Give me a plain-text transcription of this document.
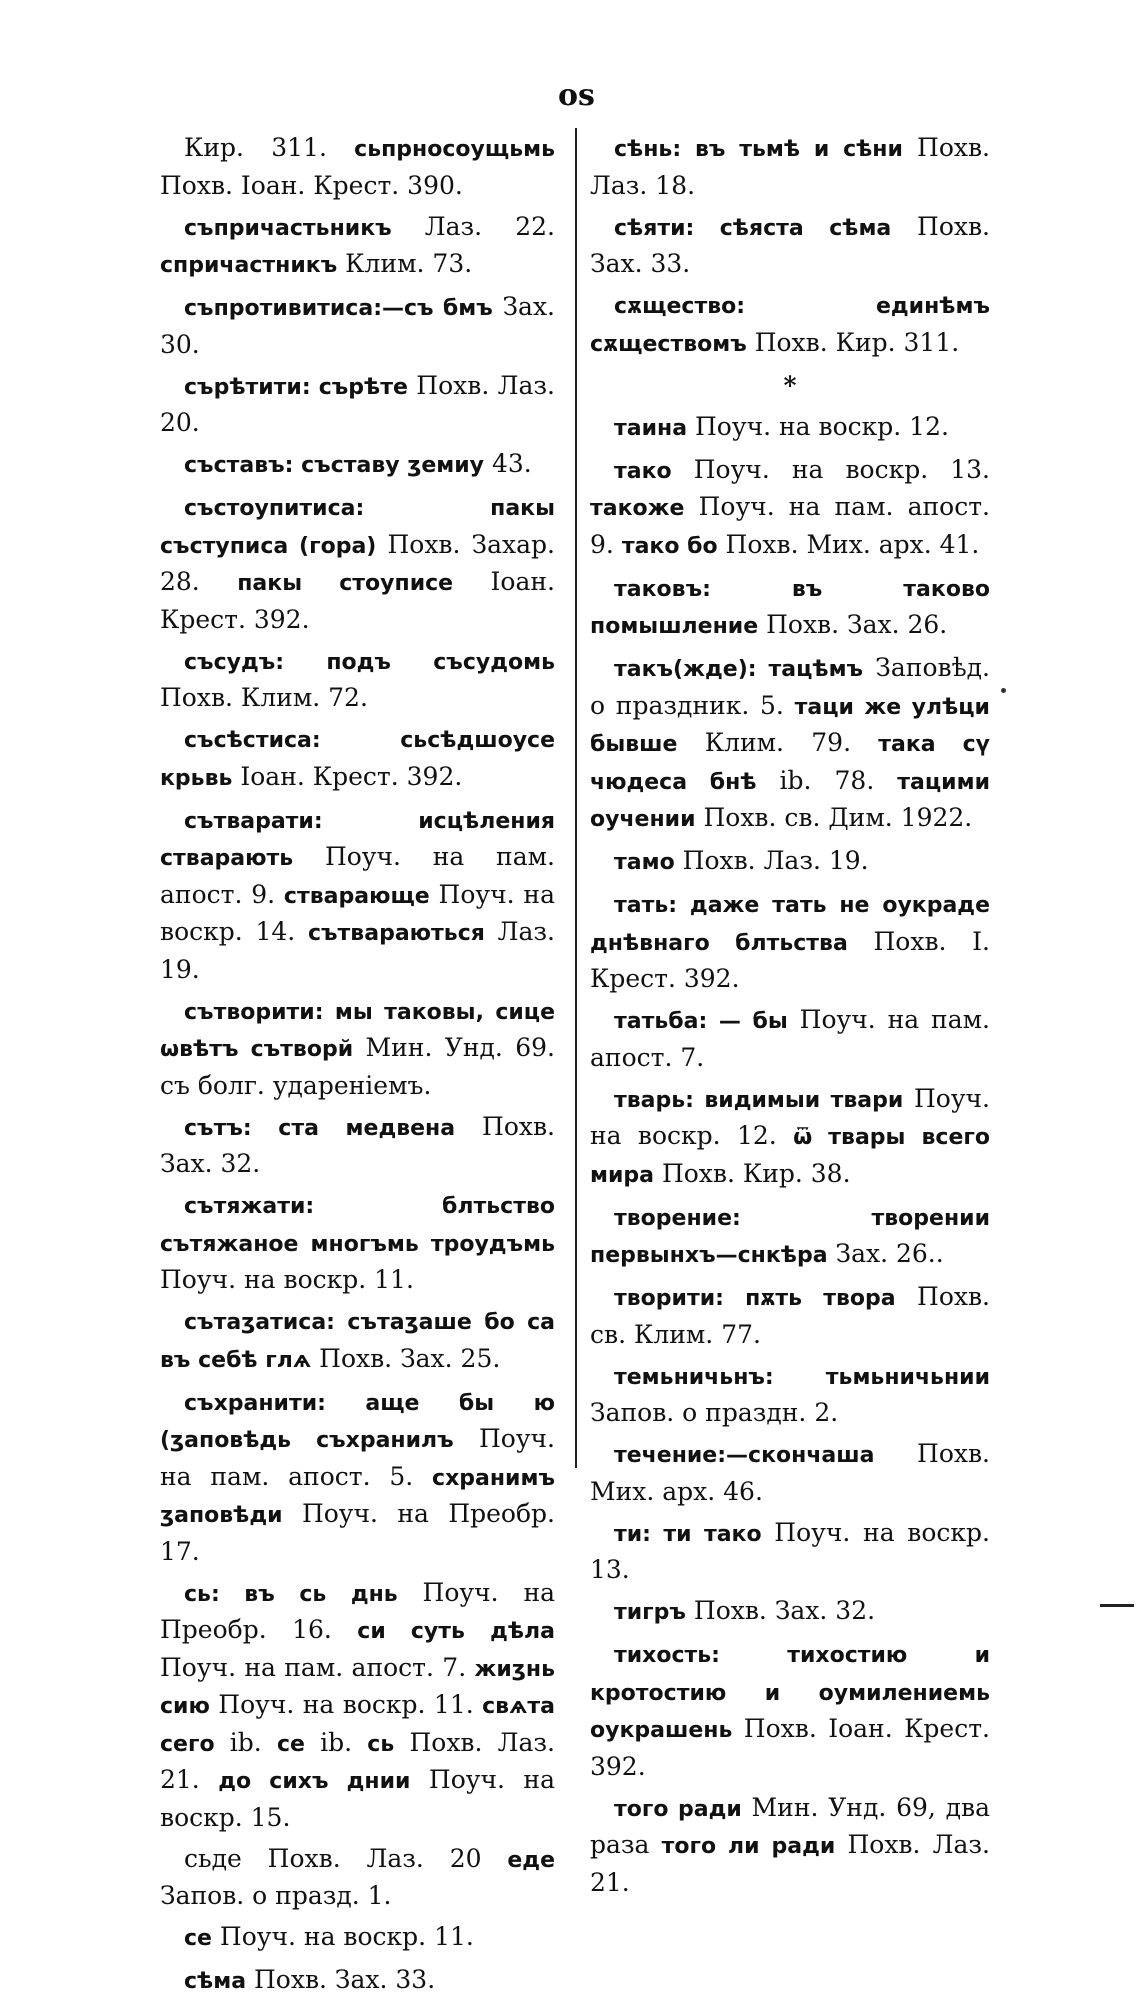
оѕ

Кир. 311. сьпрносоущьмь Похв. Іоан. Крест. 390.

съпричастьникъ Лаз. 22. спричастникъ Клим. 73.

съпротивитиса:—съ бмъ Зах. 30.

сърѣтити: сърѣте Похв. Лаз. 20.

съставъ: съставу ʒемиу 43.

състоупитиса: пакы съступиса (гора) Похв. Захар. 28. пакы стоуписе Іоан. Крест. 392.

съсудъ: подъ съсудомь Похв. Клим. 72.

съсѣстиса: сьсѣдшоусе крьвь Іоан. Крест. 392.

сътварати: исцѣления стварають Поуч. на пам. апост. 9. стварающе Поуч. на воскр. 14. сътвараються Лаз. 19.

сътворити: мы таковы, сице ѡвѣтъ сътворй Мин. Унд. 69. съ болг. удареніемъ.

сътъ: ста медвена Похв. Зах. 32.

сътяжати: блтьство сътяжаное многъмь троудъмь Поуч. на воскр. 11.

сътаʒатиса: сътаʒаше бо са въ себѣ глѧ Похв. Зах. 25.

съхранити: аще бы ю (ʒаповѣдь съхранилъ Поуч. на пам. апост. 5. схранимъ ʒаповѣди Поуч. на Преобр. 17.

сь: въ сь днь Поуч. на Преобр. 16. си суть дѣла Поуч. на пам. апост. 7. жиʒнь сию Поуч. на воскр. 11. свѧта сего ib. се ib. сь Похв. Лаз. 21. до сихъ днии Поуч. на воскр. 15.

сьде Похв. Лаз. 20 еде Запов. о празд. 1.

се Поуч. на воскр. 11.

сѣма Похв. Зах. 33.

сѣнь: въ тьмѣ и сѣни Похв. Лаз. 18.

сѣяти: сѣяста сѣма Похв. Зах. 33.

сѫщество: единѣмъ сѫществомъ Похв. Кир. 311.

*

таина Поуч. на воскр. 12.

тако Поуч. на воскр. 13. такоже Поуч. на пам. апост. 9. тако бо Похв. Мих. арх. 41.

таковъ: въ таково помышление Похв. Зах. 26.

такъ(жде): тацѣмъ Заповѣд. о праздник. 5. таци же улѣци бывше Клим. 79. така сү чюдеса бнѣ ib. 78. тацими оучении Похв. св. Дим. 1922.

тамо Похв. Лаз. 19.

тать: даже тать не оукраде днѣвнаго блтьства Похв. І. Крест. 392.

татьба: — бы Поуч. на пам. апост. 7.

тварь: видимыи твари Поуч. на воскр. 12. ѿ твары всего мира Похв. Кир. 38.

творение: творении первынхъ—снкѣра Зах. 26..

творити: пѫть твора Похв. св. Клим. 77.

темьничьнъ: тьмьничьнии Запов. о праздн. 2.

течение:—скончаша Похв. Мих. арх. 46.

ти: ти тако Поуч. на воскр. 13.

тигръ Похв. Зах. 32.

тихость: тихостию и кротостию и оумилениемь оукрашень Похв. Іоан. Крест. 392.

того ради Мин. Унд. 69, два раза того ли ради Похв. Лаз. 21.
